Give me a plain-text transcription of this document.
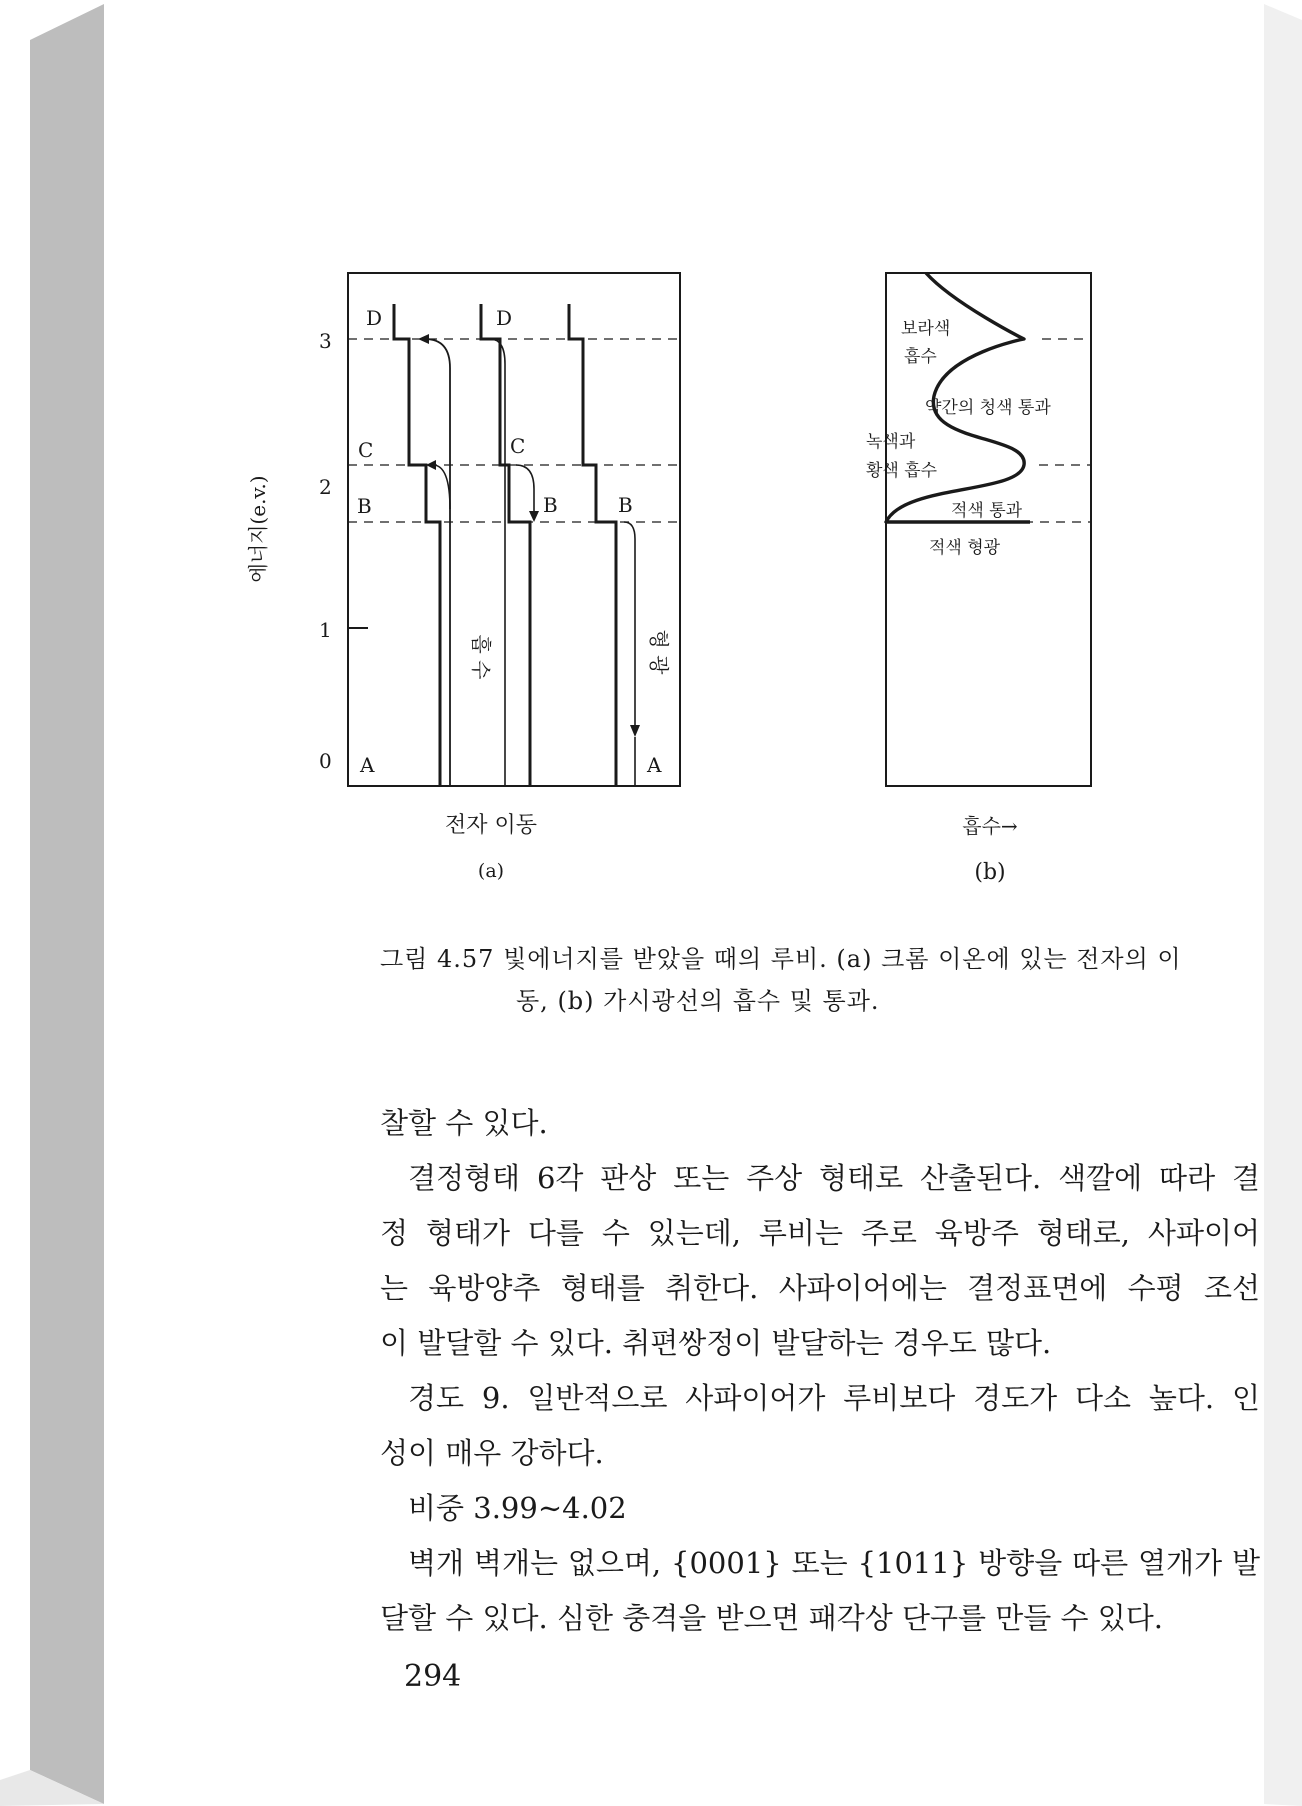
3
2
1
0
에너지(e.v.)
D
C
B
A
D
C
B	B
A
흡 수	형 광
전자 이동
(a)
보라색
흡수
약간의 청색 통과
녹색과
황색 흡수
적색 통과
적색 형광
흡수→
(b)
그림 4.57 빛에너지를 받았을 때의 루비. (a) 크롬 이온에 있는 전자의 이
동, (b) 가시광선의 흡수 및 통과.

찰할 수 있다.

결정형태 6각 판상 또는 주상 형태로 산출된다. 색깔에 따라 결

정 형태가 다를 수 있는데, 루비는 주로 육방주 형태로, 사파이어

는 육방양추 형태를 취한다. 사파이어에는 결정표면에 수평 조선

이 발달할 수 있다. 취편쌍정이 발달하는 경우도 많다.

경도 9. 일반적으로 사파이어가 루비보다 경도가 다소 높다. 인

성이 매우 강하다.

비중 3.99∼4.02

벽개 벽개는 없으며, {0001} 또는 {1011} 방향을 따른 열개가 발

달할 수 있다. 심한 충격을 받으면 패각상 단구를 만들 수 있다.

294
